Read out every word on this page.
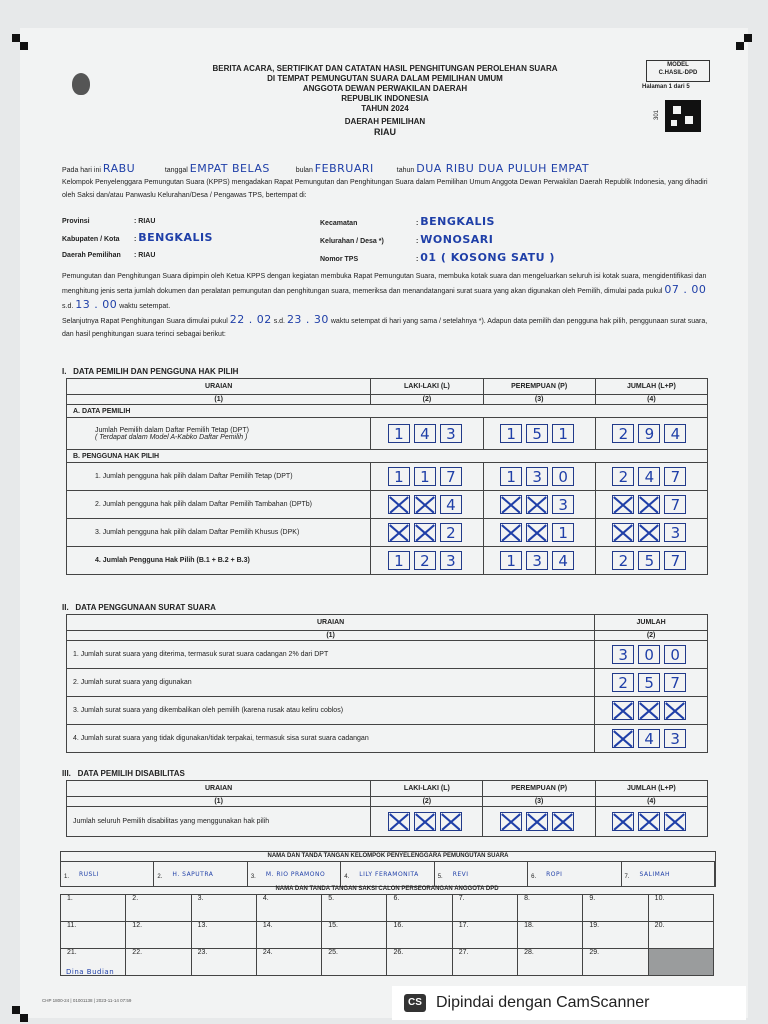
BERITA ACARA, SERTIFIKAT DAN CATATAN HASIL PENGHITUNGAN PEROLEHAN SUARA
DI TEMPAT PEMUNGUTAN SUARA DALAM PEMILIHAN UMUM
ANGGOTA DEWAN PERWAKILAN DAERAH
REPUBLIK INDONESIA
TAHUN 2024
DAERAH PEMILIHAN
RIAU
MODEL
C.HASIL-DPD
Halaman 1 dari 5
301
Pada hari ini RABU	tanggal EMPAT BELAS	bulan FEBRUARI	tahun DUA RIBU DUA PULUH EMPAT
Kelompok Penyelenggara Pemungutan Suara (KPPS) mengadakan Rapat Pemungutan dan Penghitungan Suara dalam Pemilihan Umum Anggota Dewan Perwakilan Daerah Republik Indonesia, yang dihadiri oleh Saksi dan/atau Panwaslu Kelurahan/Desa / Pengawas TPS, bertempat di:
Provinsi	: RIAU
Kabupaten / Kota : BENGKALIS
Daerah Pemilihan : RIAU
Kecamatan	: BENGKALIS
Kelurahan / Desa *)	: WONOSARI
Nomor TPS	: 01 ( KOSONG SATU )
Pemungutan dan Penghitungan Suara dipimpin oleh Ketua KPPS dengan kegiatan membuka Rapat Pemungutan Suara, membuka kotak suara dan mengeluarkan seluruh isi kotak suara, mengidentifikasi dan menghitung jenis serta jumlah dokumen dan peralatan pemungutan dan penghitungan suara, memeriksa dan menandatangani surat suara yang akan digunakan oleh Pemilih, dimulai pada pukul 07 . 00 s.d. 13 . 00 waktu setempat.
Selanjutnya Rapat Penghitungan Suara dimulai pukul 22 . 02 s.d. 23 . 30 waktu setempat di hari yang sama / setelahnya *). Adapun data pemilih dan pengguna hak pilih, penggunaan surat suara, dan hasil penghitungan suara terinci sebagai berikut:
I. DATA PEMILIH DAN PENGGUNA HAK PILIH
URAIAN	LAKI-LAKI (L)	PEREMPUAN (P)	JUMLAH (L+P)
(1)	(2)	(3)	(4)
A. DATA PEMILIH			

Jumlah Pemilih dalam Daftar Pemilih Tetap (DPT)
( Terdapat dalam Model A-Kabko Daftar Pemilih )	1 4 3	1 5 1	2 9 4
B. PENGGUNA HAK PILIH			
1. Jumlah pengguna hak pilih dalam Daftar Pemilih Tetap (DPT)	1 1 7	1 3 0	2 4 7
2. Jumlah pengguna hak pilih dalam Daftar Pemilih Tambahan (DPTb)	4	3	7
3. Jumlah pengguna hak pilih dalam Daftar Pemilih Khusus (DPK)	2	1	3
4. Jumlah Pengguna Hak Pilih (B.1 + B.2 + B.3)	1 2 3	1 3 4	2 5 7
II. DATA PENGGUNAAN SURAT SUARA
URAIAN	JUMLAH
(1)	(2)
1. Jumlah surat suara yang diterima, termasuk surat suara cadangan 2% dari DPT	3 0 0
2. Jumlah surat suara yang digunakan	2 5 7
3. Jumlah surat suara yang dikembalikan oleh pemilih (karena rusak atau keliru coblos)	
4. Jumlah surat suara yang tidak digunakan/tidak terpakai, termasuk sisa surat suara cadangan	4 3
III. DATA PEMILIH DISABILITAS
URAIAN	LAKI-LAKI (L)	PEREMPUAN (P)	JUMLAH (L+P)
(1)	(2)	(3)	(4)
Jumlah seluruh Pemilih disabilitas yang menggunakan hak pilih			
NAMA DAN TANDA TANGAN KELOMPOK PENYELENGGARA PEMUNGUTAN SUARA
1. RUSLI	2. H. SAPUTRA	3. M. RIO PRAMONO	4. LILY FERAMONITA	5. REVI	6. ROPI	7. SALIMAH
NAMA DAN TANDA TANGAN SAKSI CALON PERSEORANGAN ANGGOTA DPD
1.	2.	3.	4.	5.	6.	7.	8.	9.	10.
11.	12.	13.	14.	15.	16.	17.	18.	19.	20.
21.	22.	23.	24.	25.	26.	27.	28.	29.	
Dina Budian
CHP 1800-24 | 01001138 | 2023-11-14 07:59	CS Dipindai dengan CamScanner
